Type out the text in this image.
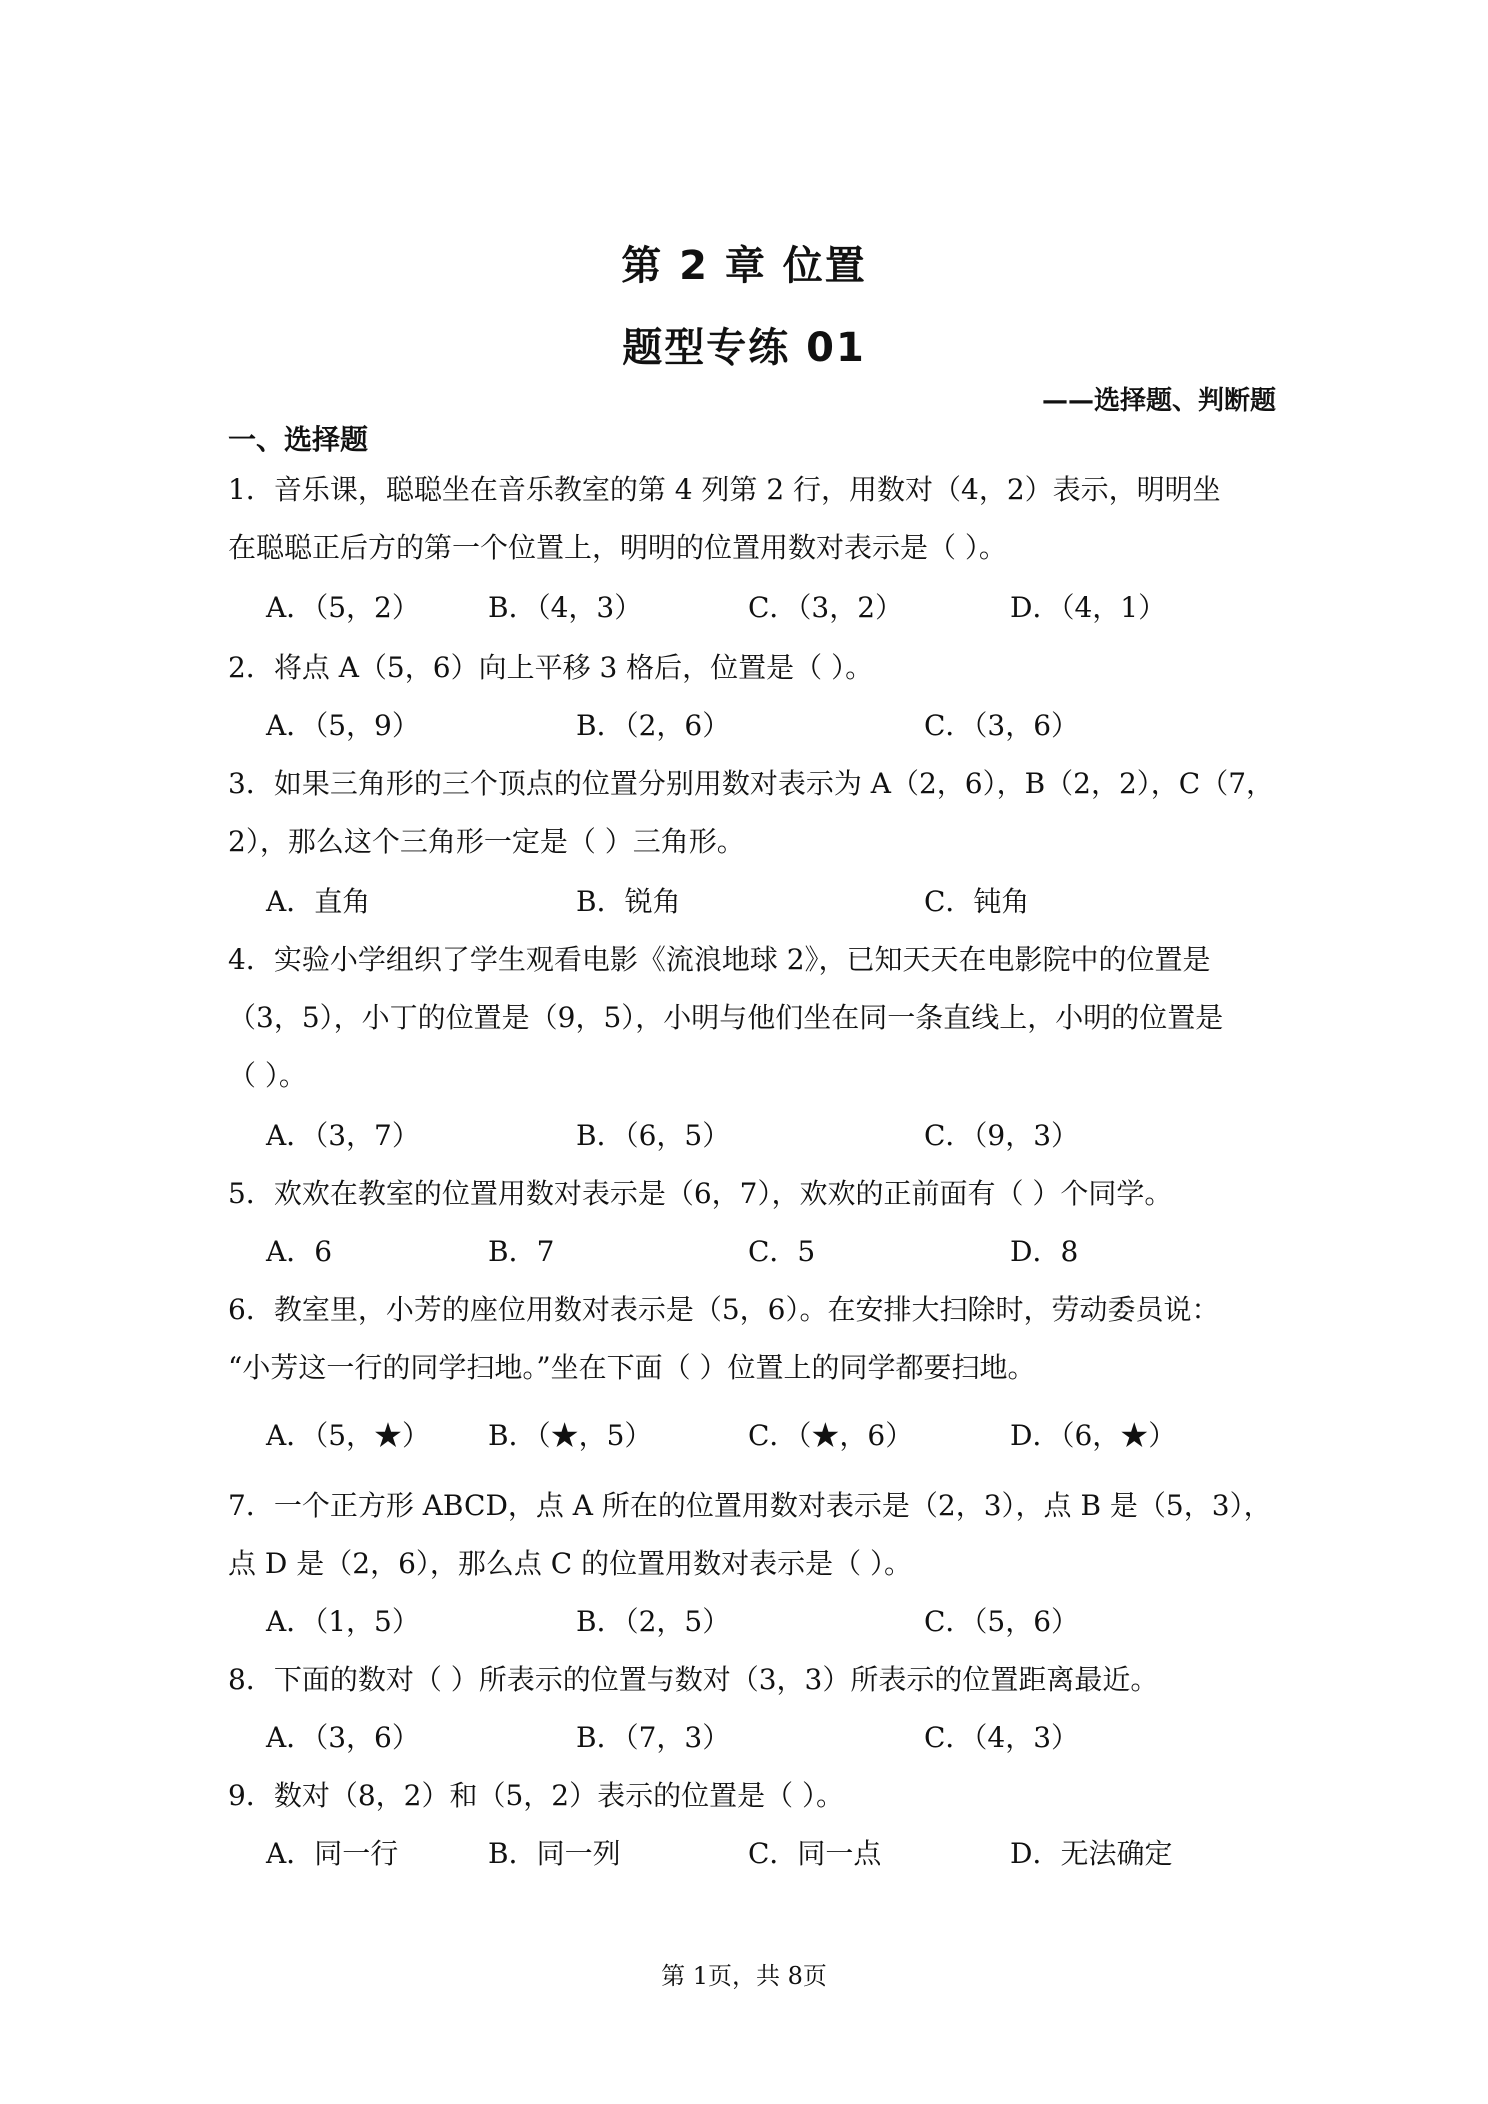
第 2 章 位置
题型专练 01
——选择题、判断题
一、选择题
1．音乐课，聪聪坐在音乐教室的第 4 列第 2 行，用数对（4，2）表示，明明坐
在聪聪正后方的第一个位置上，明明的位置用数对表示是（ ）。
A．（5，2） B．（4，3）	C．（3，2）	D．（4，1）
2．将点 A（5，6）向上平移 3 格后，位置是（ ）。
A．（5，9）	B．（2，6）	C．（3，6）
3．如果三角形的三个顶点的位置分别用数对表示为 A（2，6），B（2，2），C（7，
2），那么这个三角形一定是（ ）三角形。
A．直角	B．锐角	C．钝角
4．实验小学组织了学生观看电影《流浪地球 2》，已知天天在电影院中的位置是
（3，5），小丁的位置是（9，5），小明与他们坐在同一条直线上，小明的位置是
（ ）。
A．（3，7）	B．（6，5）	C．（9，3）
5．欢欢在教室的位置用数对表示是（6，7），欢欢的正前面有（ ）个同学。
A．6	B．7	C．5	D．8
6．教室里，小芳的座位用数对表示是（5，6）。在安排大扫除时，劳动委员说：
“小芳这一行的同学扫地。”坐在下面（ ）位置上的同学都要扫地。
A．（5，★） B．（★，5）	C．（★，6）	D．（6，★）
7．一个正方形 ABCD，点 A 所在的位置用数对表示是（2，3），点 B 是（5，3），
点 D 是（2，6），那么点 C 的位置用数对表示是（ ）。
A．（1，5）	B．（2，5）	C．（5，6）
8．下面的数对（ ）所表示的位置与数对（3，3）所表示的位置距离最近。
A．（3，6）	B．（7，3）	C．（4，3）
9．数对（8，2）和（5，2）表示的位置是（ ）。
A．同一行	B．同一列	C．同一点	D．无法确定
第 1页，共 8页
